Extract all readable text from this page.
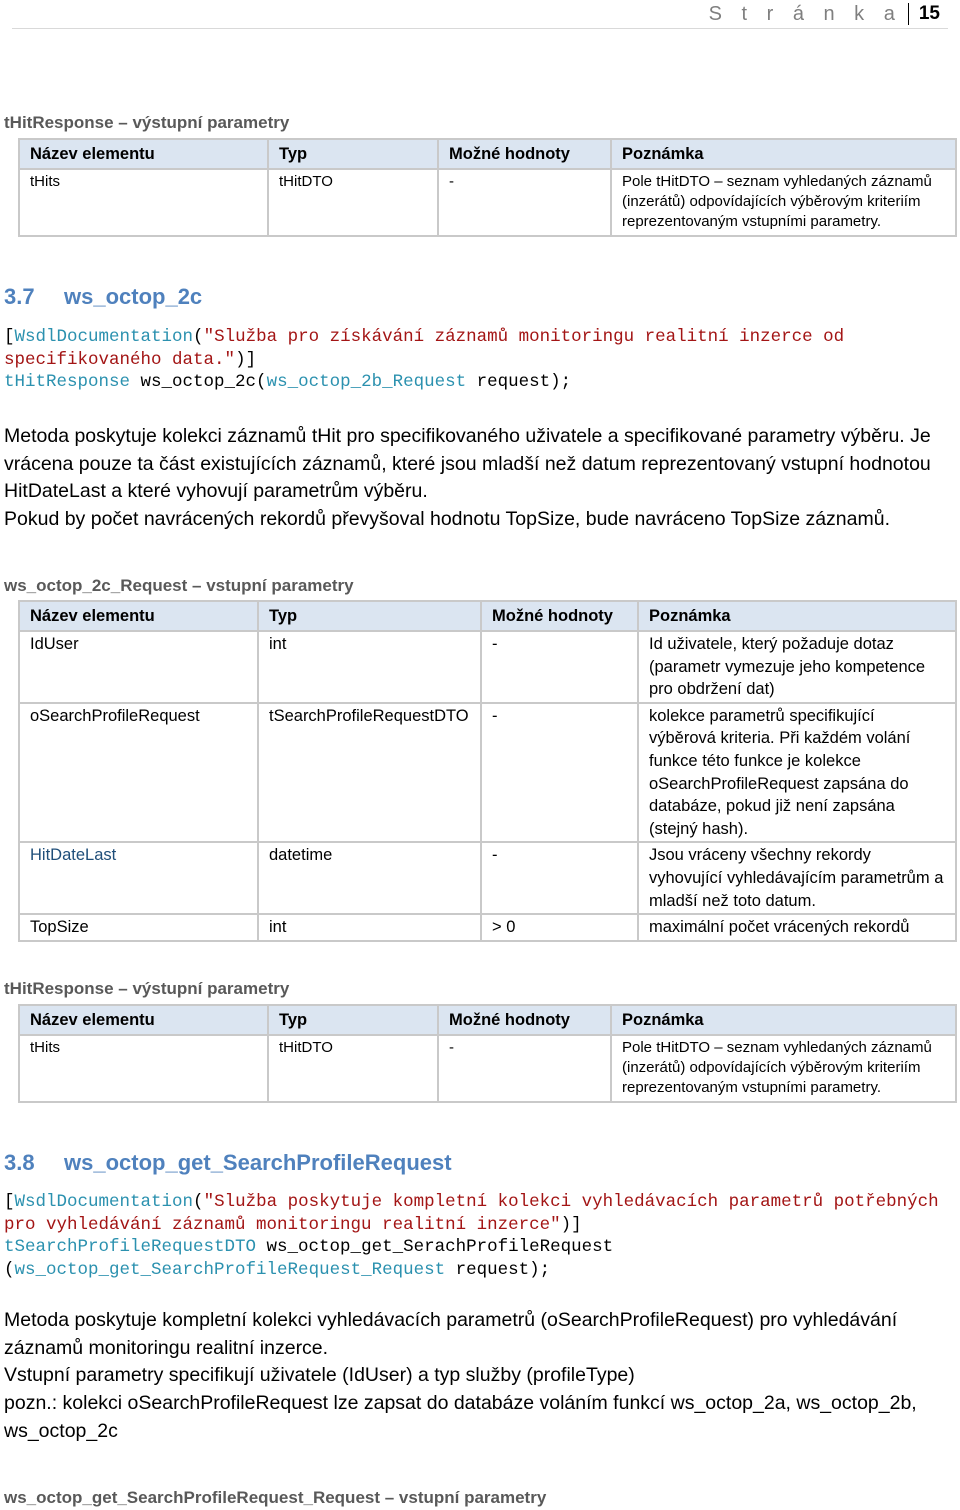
S t r á n k a 15

tHitResponse – výstupní parametry

Název elementu	Typ	Možné hodnoty	Poznámka
tHits	tHitDTO	-	Pole tHitDTO – seznam vyhledaných záznamů (inzerátů) odpovídajících výběrovým kriteriím reprezentovaným vstupními parametry.
3.7 ws_octop_2c
[WsdlDocumentation("Služba pro získávání záznamů monitoringu realitní inzerce od
specifikovaného data.")]
tHitResponse ws_octop_2c(ws_octop_2b_Request request);

Metoda poskytuje kolekci záznamů tHit pro specifikovaného uživatele a specifikované parametry výběru. Je vrácena pouze ta část existujících záznamů, které jsou mladší než datum reprezentovaný vstupní hodnotou HitDateLast a které vyhovují parametrům výběru.

Pokud by počet navrácených rekordů převyšoval hodnotu TopSize, bude navráceno TopSize záznamů.

ws_octop_2c_Request – vstupní parametry

Název elementu	Typ	Možné hodnoty	Poznámka
IdUser	int	-	Id uživatele, který požaduje dotaz (parametr vymezuje jeho kompetence pro obdržení dat)
oSearchProfileRequest	tSearchProfileRequestDTO	-	kolekce parametrů specifikující výběrová kriteria. Při každém volání funkce této funkce je kolekce oSearchProfileRequest zapsána do databáze, pokud již není zapsána (stejný hash).
HitDateLast	datetime	-	Jsou vráceny všechny rekordy vyhovující vyhledávajícím parametrům a mladší než toto datum.
TopSize	int	> 0	maximální počet vrácených rekordů

tHitResponse – výstupní parametry

Název elementu	Typ	Možné hodnoty	Poznámka
tHits	tHitDTO	-	Pole tHitDTO – seznam vyhledaných záznamů (inzerátů) odpovídajících výběrovým kriteriím reprezentovaným vstupními parametry.
3.8 ws_octop_get_SearchProfileRequest
[WsdlDocumentation("Služba poskytuje kompletní kolekci vyhledávacích parametrů potřebných
pro vyhledávání záznamů monitoringu realitní inzerce")]
tSearchProfileRequestDTO ws_octop_get_SerachProfileRequest
(ws_octop_get_SearchProfileRequest_Request request);

Metoda poskytuje kompletní kolekci vyhledávacích parametrů (oSearchProfileRequest) pro vyhledávání záznamů monitoringu realitní inzerce.

Vstupní parametry specifikují uživatele (IdUser) a typ služby (profileType)

pozn.: kolekci oSearchProfileRequest lze zapsat do databáze voláním funkcí ws_octop_2a, ws_octop_2b, ws_octop_2c

ws_octop_get_SearchProfileRequest_Request – vstupní parametry
